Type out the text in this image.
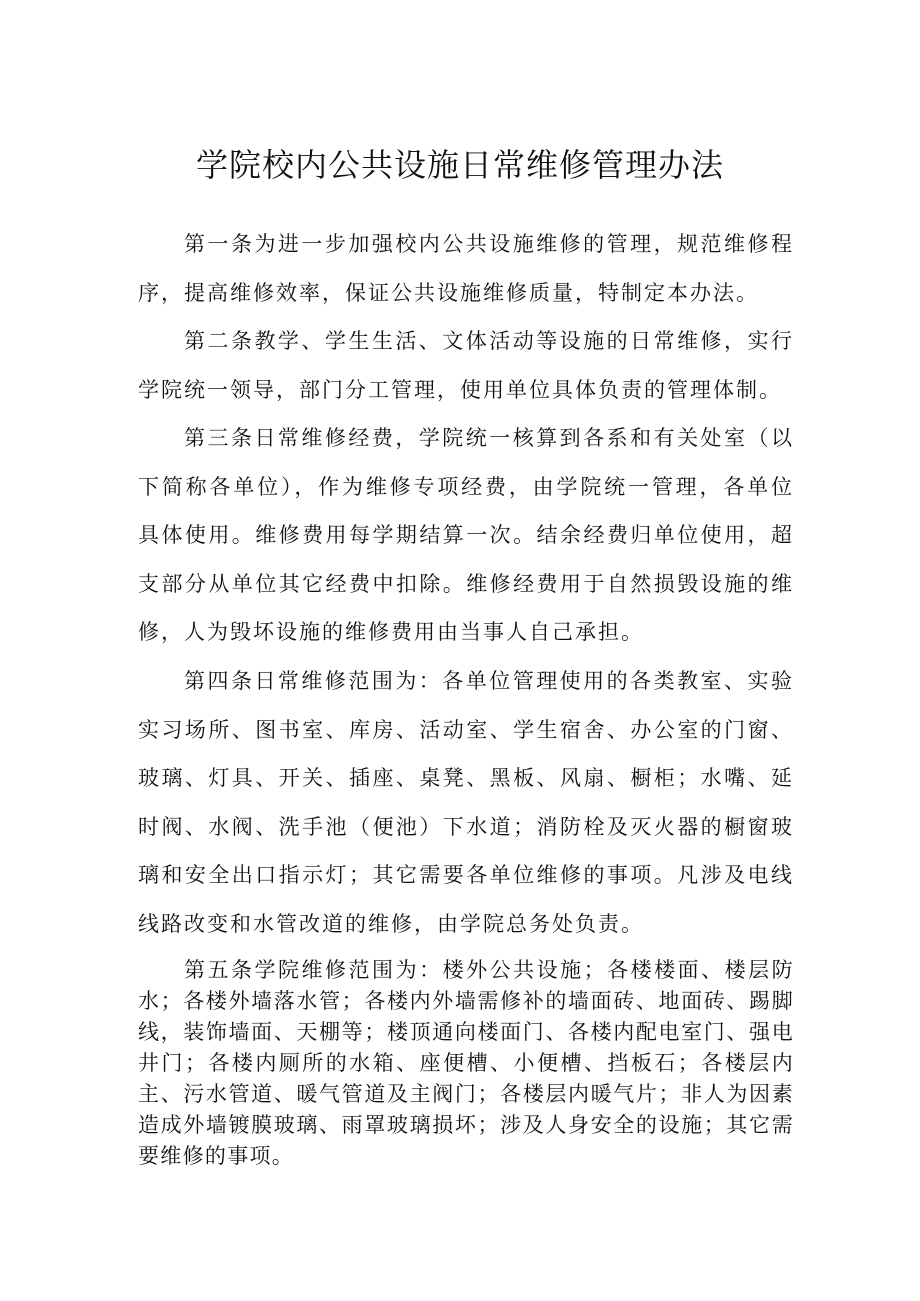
学院校内公共设施日常维修管理办法

第一条为进一步加强校内公共设施维修的管理，规范维修程序，提高维修效率，保证公共设施维修质量，特制定本办法。

第二条教学、学生生活、文体活动等设施的日常维修，实行学院统一领导，部门分工管理，使用单位具体负责的管理体制。

第三条日常维修经费，学院统一核算到各系和有关处室（以下简称各单位），作为维修专项经费，由学院统一管理，各单位具体使用。维修费用每学期结算一次。结余经费归单位使用，超支部分从单位其它经费中扣除。维修经费用于自然损毁设施的维修，人为毁坏设施的维修费用由当事人自己承担。

第四条日常维修范围为：各单位管理使用的各类教室、实验实习场所、图书室、库房、活动室、学生宿舍、办公室的门窗、玻璃、灯具、开关、插座、桌凳、黑板、风扇、橱柜；水嘴、延时阀、水阀、洗手池（便池）下水道；消防栓及灭火器的橱窗玻璃和安全出口指示灯；其它需要各单位维修的事项。凡涉及电线线路改变和水管改道的维修，由学院总务处负责。

第五条学院维修范围为：楼外公共设施；各楼楼面、楼层防水；各楼外墙落水管；各楼内外墙需修补的墙面砖、地面砖、踢脚线，装饰墙面、天棚等；楼顶通向楼面门、各楼内配电室门、强电井门；各楼内厕所的水箱、座便槽、小便槽、挡板石；各楼层内主、污水管道、暖气管道及主阀门；各楼层内暖气片；非人为因素造成外墙镀膜玻璃、雨罩玻璃损坏；涉及人身安全的设施；其它需要维修的事项。
